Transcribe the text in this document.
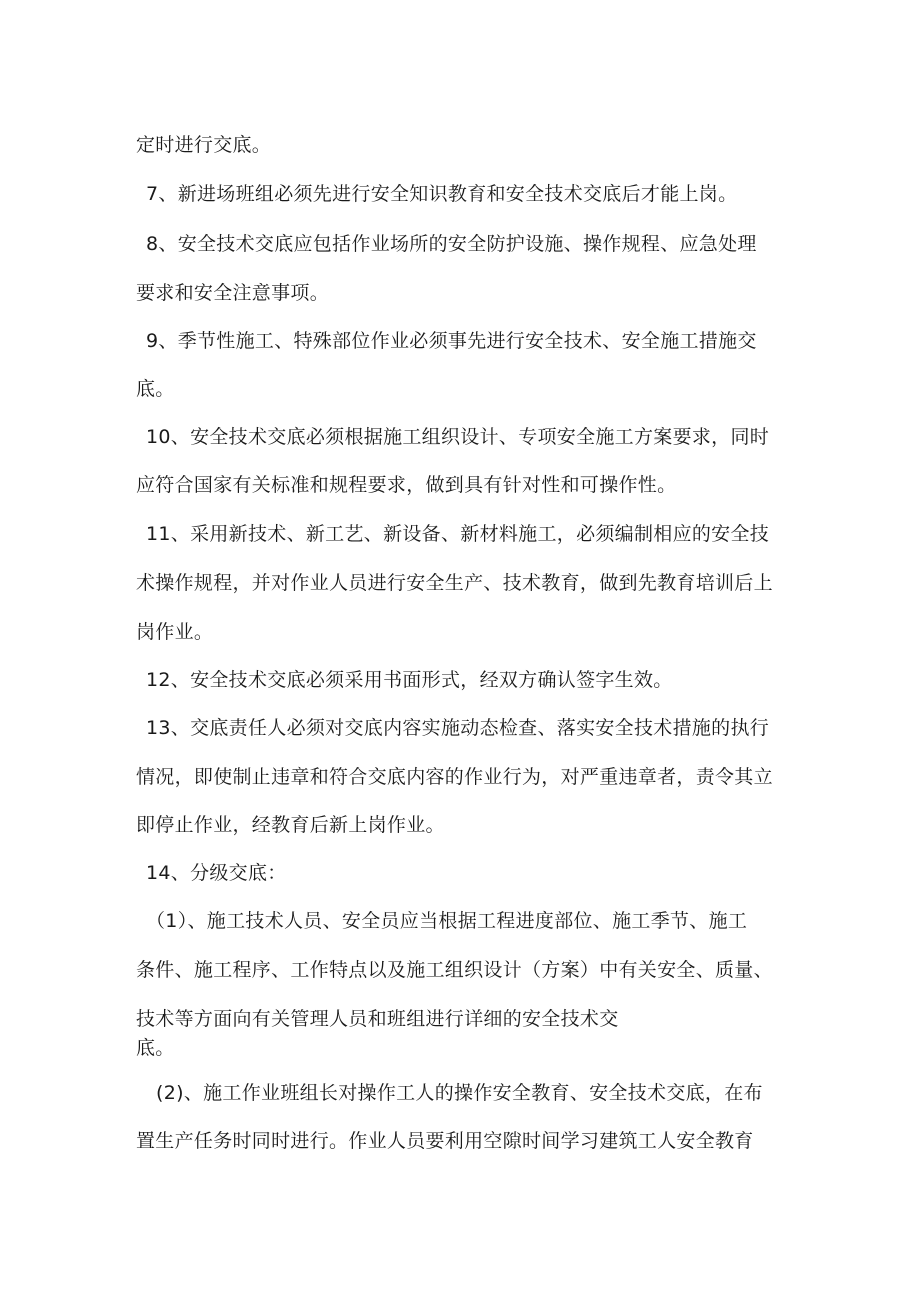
定时进行交底。
7、新进场班组必须先进行安全知识教育和安全技术交底后才能上岗。
8、安全技术交底应包括作业场所的安全防护设施、操作规程、应急处理
要求和安全注意事项。
9、季节性施工、特殊部位作业必须事先进行安全技术、安全施工措施交
底。
10、安全技术交底必须根据施工组织设计、专项安全施工方案要求，同时
应符合国家有关标准和规程要求，做到具有针对性和可操作性。
11、采用新技术、新工艺、新设备、新材料施工，必须编制相应的安全技
术操作规程，并对作业人员进行安全生产、技术教育，做到先教育培训后上
岗作业。
12、安全技术交底必须采用书面形式，经双方确认签字生效。
13、交底责任人必须对交底内容实施动态检查、落实安全技术措施的执行
情况，即使制止违章和符合交底内容的作业行为，对严重违章者，责令其立
即停止作业，经教育后新上岗作业。
14、分级交底：
（1）、施工技术人员、安全员应当根据工程进度部位、施工季节、施工
条件、施工程序、工作特点以及施工组织设计（方案）中有关安全、质量、
技术等方面向有关管理人员和班组进行详细的安全技术交
底。
(2)、施工作业班组长对操作工人的操作安全教育、安全技术交底，在布
置生产任务时同时进行。作业人员要利用空隙时间学习建筑工人安全教育
